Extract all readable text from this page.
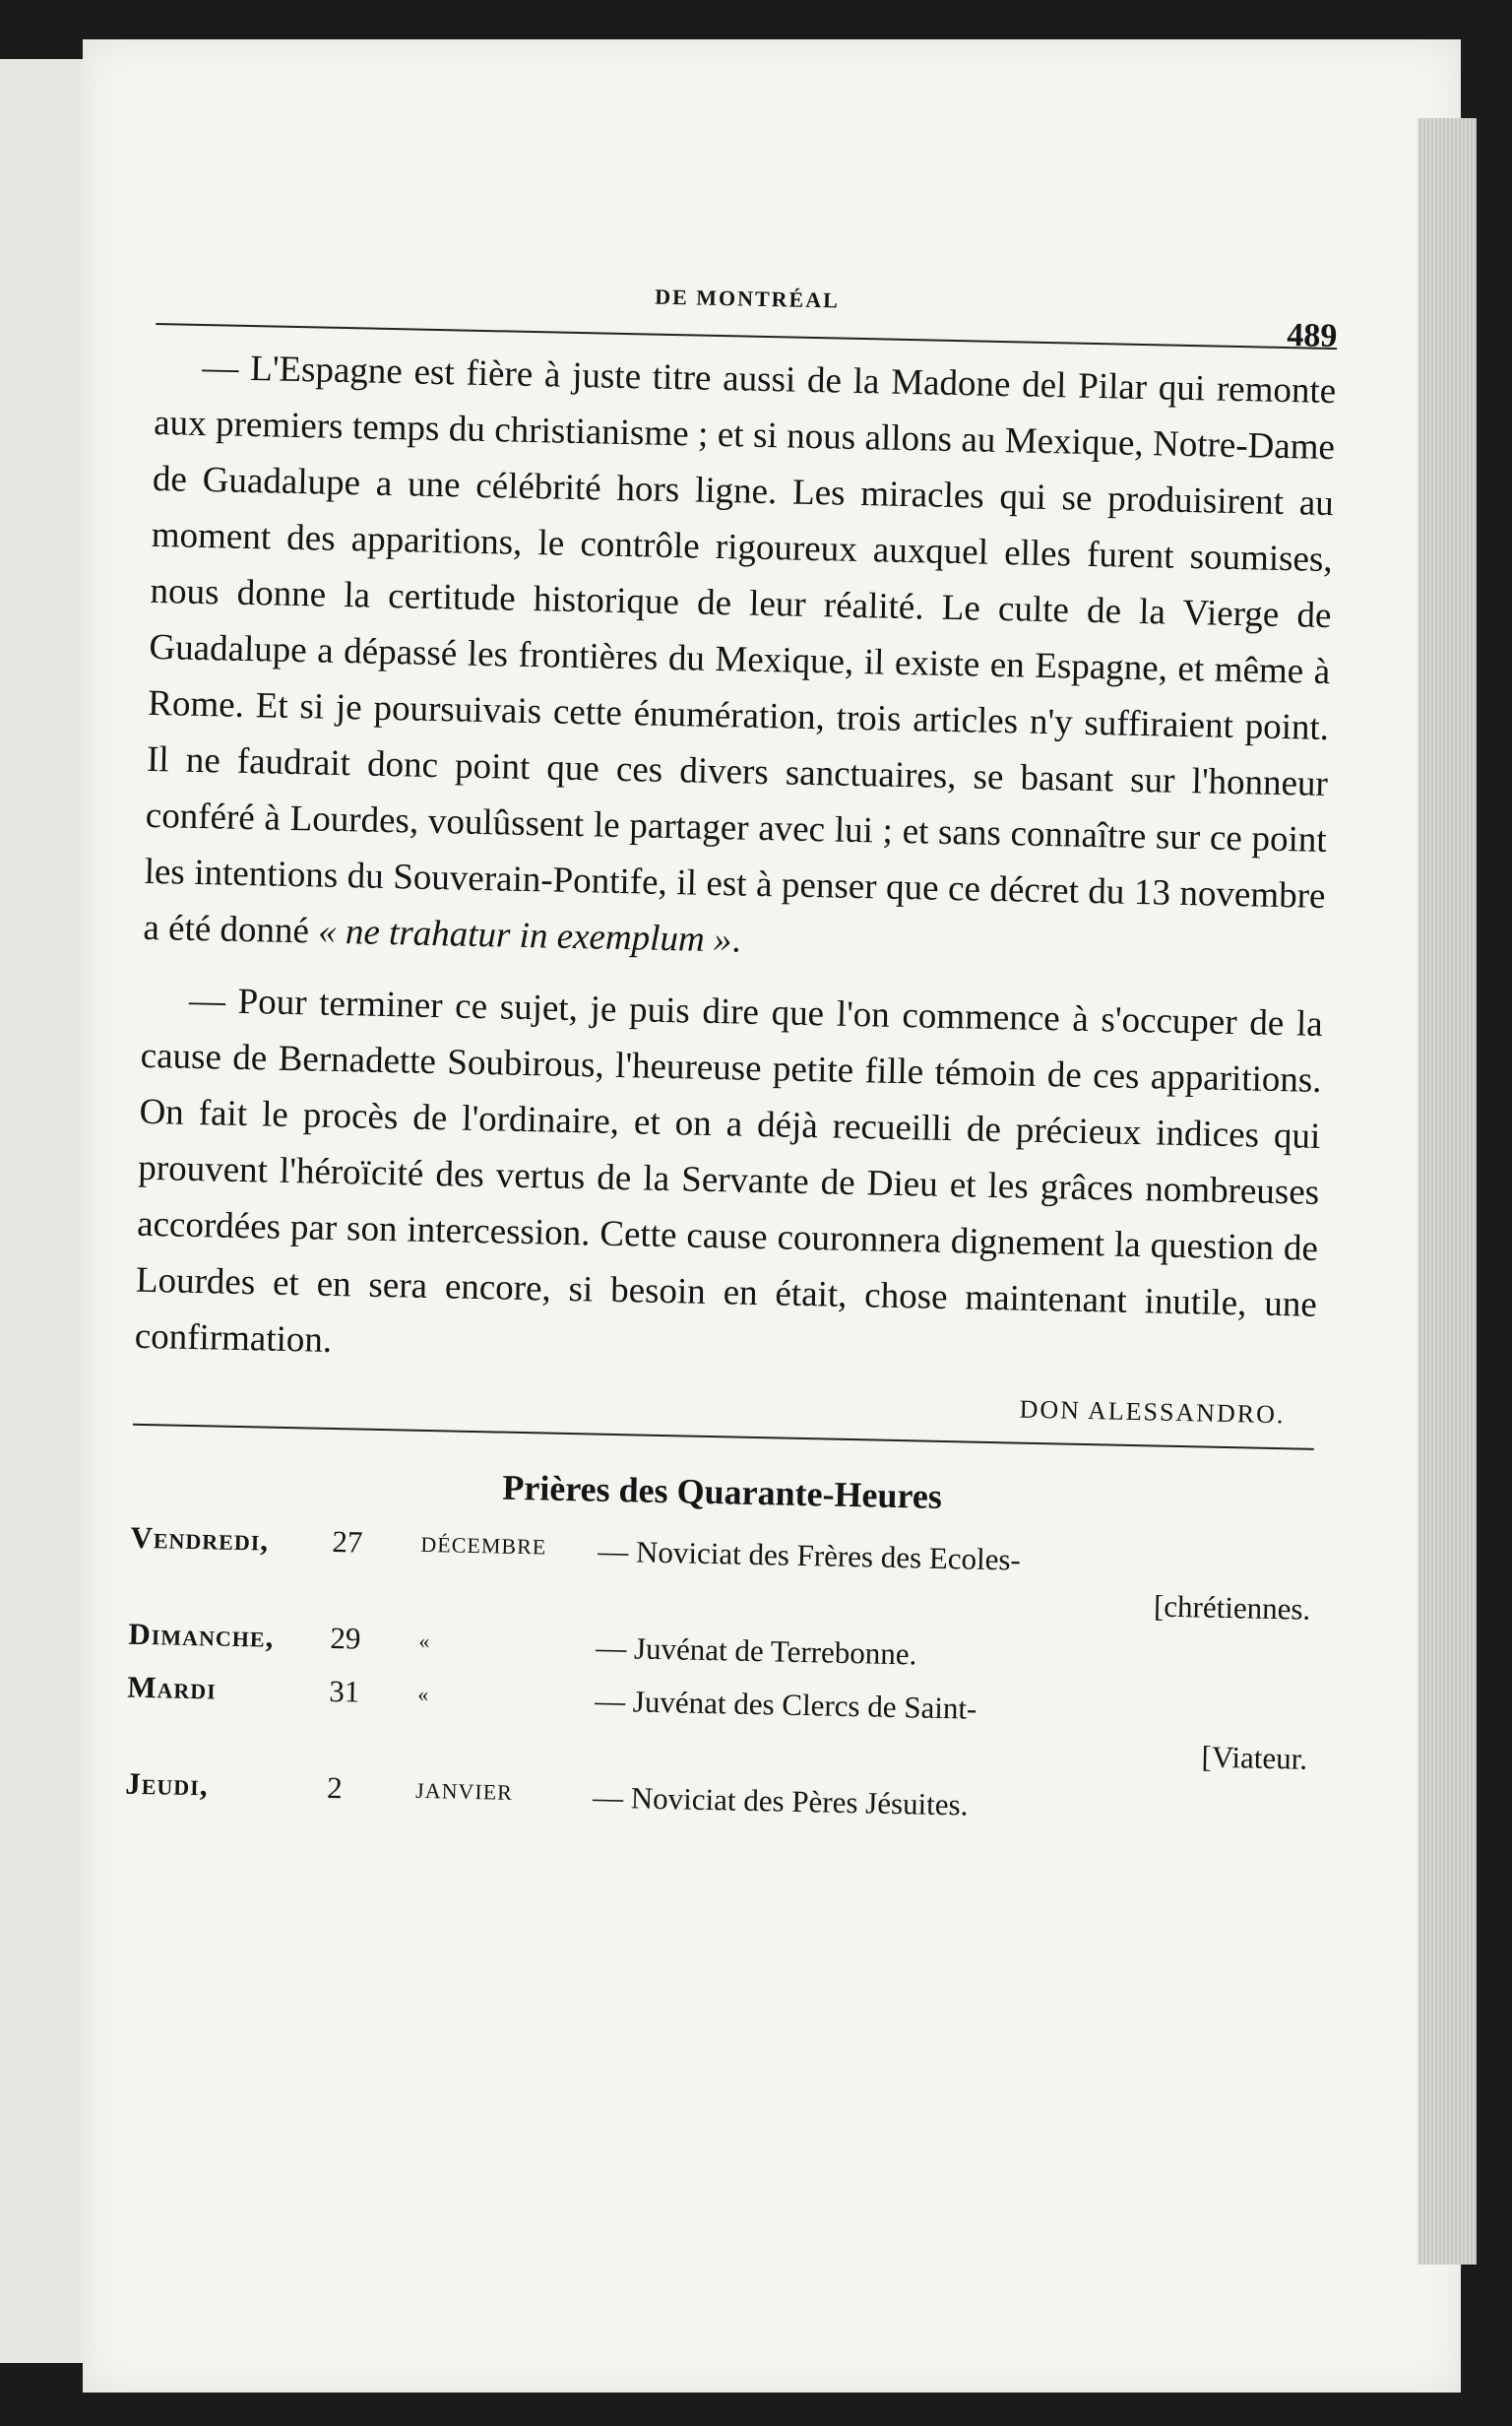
DE MONTRÉAL
489

— L'Espagne est fière à juste titre aussi de la Madone del Pilar qui remonte aux premiers temps du christianisme ; et si nous allons au Mexique, Notre-Dame de Guadalupe a une célébrité hors ligne. Les miracles qui se produisirent au moment des apparitions, le contrôle rigoureux auxquel elles furent soumises, nous donne la certitude historique de leur réalité. Le culte de la Vierge de Guadalupe a dépassé les frontières du Mexique, il existe en Espagne, et même à Rome. Et si je poursuivais cette énumération, trois articles n'y suffiraient point. Il ne faudrait donc point que ces divers sanctuaires, se basant sur l'honneur conféré à Lourdes, voulûssent le partager avec lui ; et sans connaître sur ce point les intentions du Souverain-Pontife, il est à penser que ce décret du 13 novembre a été donné « ne trahatur in exemplum ».

— Pour terminer ce sujet, je puis dire que l'on commence à s'occuper de la cause de Bernadette Soubirous, l'heureuse petite fille témoin de ces apparitions. On fait le procès de l'ordinaire, et on a déjà recueilli de précieux indices qui prouvent l'héroïcité des vertus de la Servante de Dieu et les grâces nombreuses accordées par son intercession. Cette cause couronnera dignement la question de Lourdes et en sera encore, si besoin en était, chose maintenant inutile, une confirmation.

DON ALESSANDRO.
Prières des Quarante-Heures
Vendredi,	27	DÉCEMBRE	— Noviciat des Frères des Ecoles-
[chrétiennes.
Dimanche,	29	«	— Juvénat de Terrebonne.
Mardi	31	«	— Juvénat des Clercs de Saint-
[Viateur.
Jeudi,	2	JANVIER	— Noviciat des Pères Jésuites.
